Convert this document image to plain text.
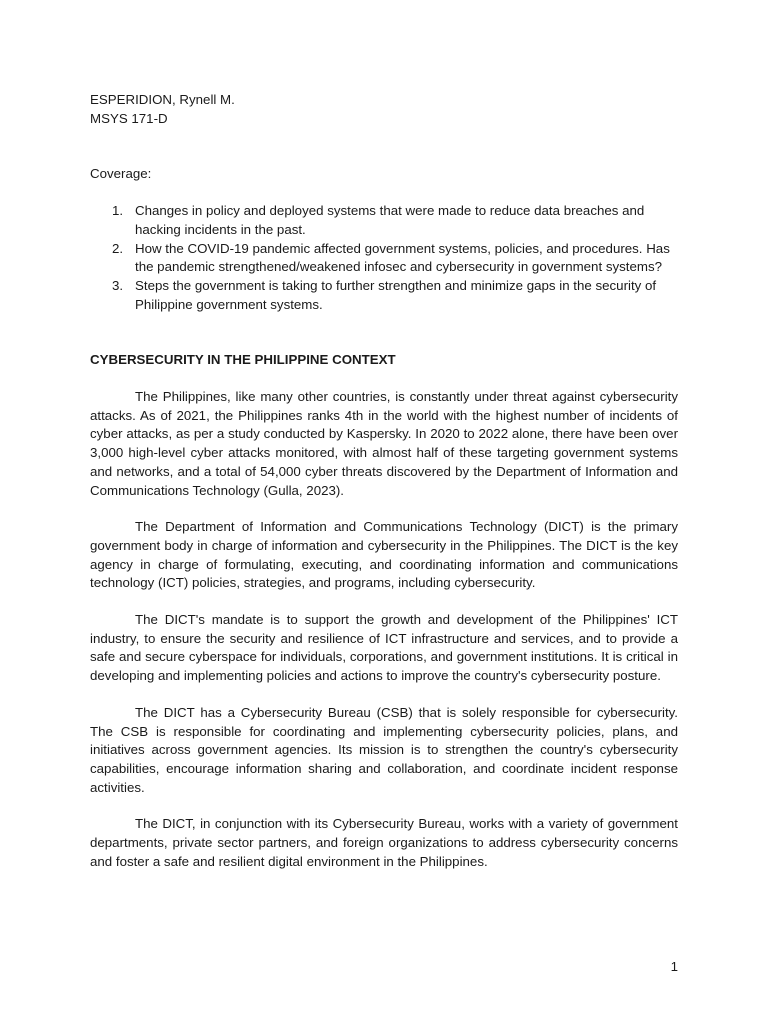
ESPERIDION, Rynell M.

MSYS 171-D

Coverage:

1. Changes in policy and deployed systems that were made to reduce data breaches and hacking incidents in the past.
2. How the COVID-19 pandemic affected government systems, policies, and procedures. Has the pandemic strengthened/weakened infosec and cybersecurity in government systems?
3. Steps the government is taking to further strengthen and minimize gaps in the security of Philippine government systems.
CYBERSECURITY IN THE PHILIPPINE CONTEXT

The Philippines, like many other countries, is constantly under threat against cybersecurity attacks. As of 2021, the Philippines ranks 4th in the world with the highest number of incidents of cyber attacks, as per a study conducted by Kaspersky. In 2020 to 2022 alone, there have been over 3,000 high-level cyber attacks monitored, with almost half of these targeting government systems and networks, and a total of 54,000 cyber threats discovered by the Department of Information and Communications Technology (Gulla, 2023).

The Department of Information and Communications Technology (DICT) is the primary government body in charge of information and cybersecurity in the Philippines. The DICT is the key agency in charge of formulating, executing, and coordinating information and communications technology (ICT) policies, strategies, and programs, including cybersecurity.

The DICT's mandate is to support the growth and development of the Philippines' ICT industry, to ensure the security and resilience of ICT infrastructure and services, and to provide a safe and secure cyberspace for individuals, corporations, and government institutions. It is critical in developing and implementing policies and actions to improve the country's cybersecurity posture.

The DICT has a Cybersecurity Bureau (CSB) that is solely responsible for cybersecurity. The CSB is responsible for coordinating and implementing cybersecurity policies, plans, and initiatives across government agencies. Its mission is to strengthen the country's cybersecurity capabilities, encourage information sharing and collaboration, and coordinate incident response activities.

The DICT, in conjunction with its Cybersecurity Bureau, works with a variety of government departments, private sector partners, and foreign organizations to address cybersecurity concerns and foster a safe and resilient digital environment in the Philippines.

1
